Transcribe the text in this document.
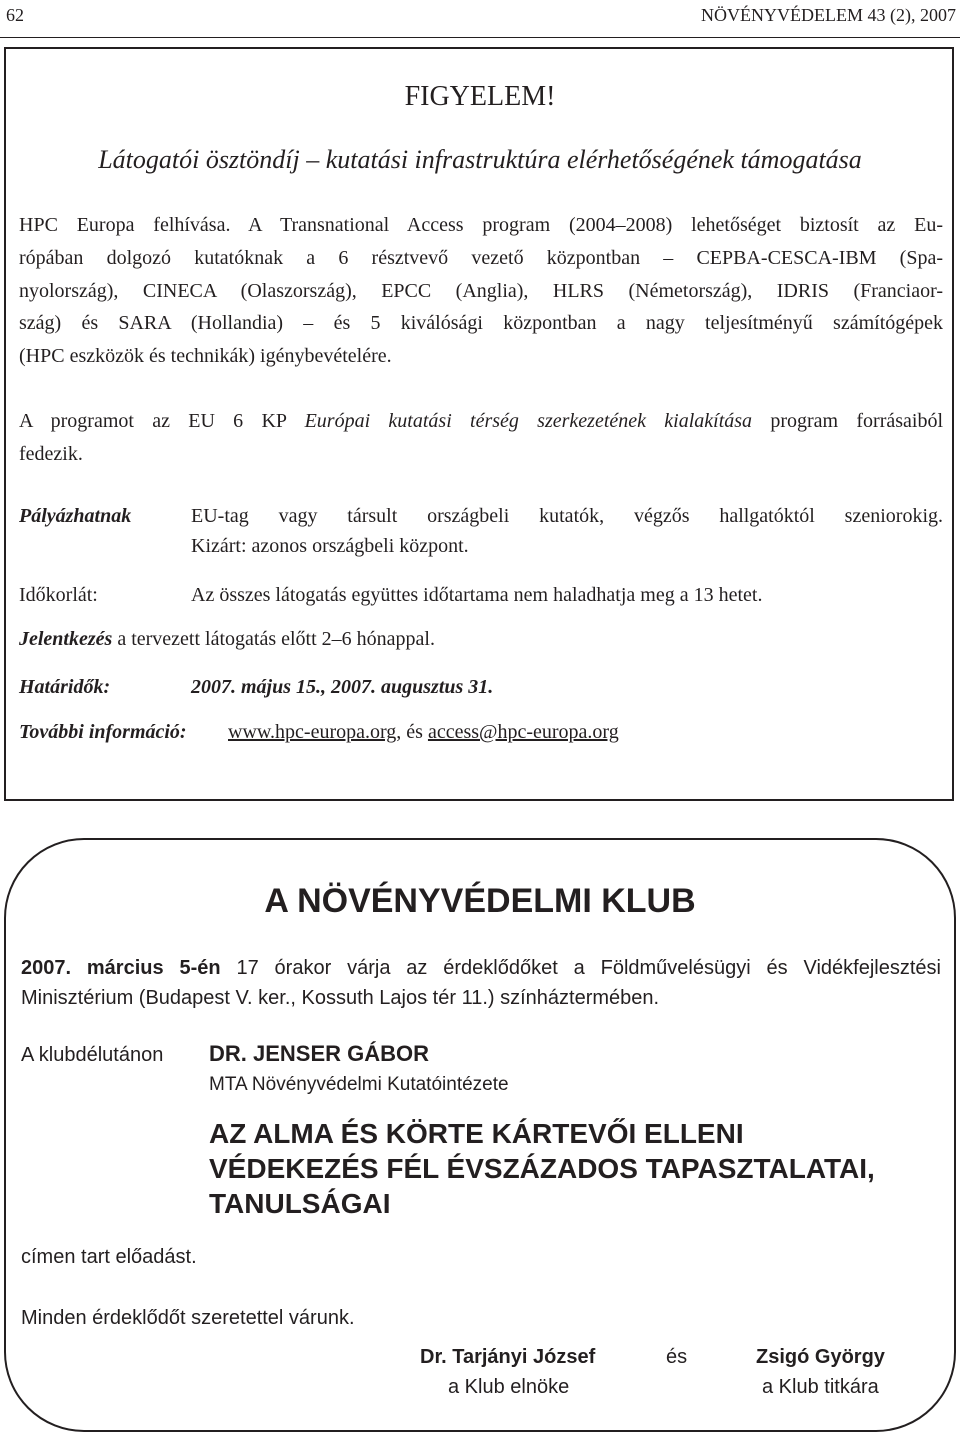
62	NÖVÉNYVÉDELEM 43 (2), 2007
FIGYELEM!
Látogatói ösztöndíj – kutatási infrastruktúra elérhetőségének támogatása
HPC Europa felhívása. A Transnational Access program (2004–2008) lehetőséget biztosít az Eu-
rópában dolgozó kutatóknak a 6 résztvevő vezető központban – CEPBA-CESCA-IBM (Spa-
nyolország), CINECA (Olaszország), EPCC (Anglia), HLRS (Németország), IDRIS (Franciaor-
szág) és SARA (Hollandia) – és 5 kiválósági központban a nagy teljesítményű számítógépek
(HPC eszközök és technikák) igénybevételére.
A programot az EU 6 KP Európai kutatási térség szerkezetének kialakítása program forrásaiból
fedezik.
Pályázhatnak	EU-tag vagy társult országbeli kutatók, végzős hallgatóktól szeniorokig.
Kizárt: azonos országbeli központ.
Időkorlát:	Az összes látogatás együttes időtartama nem haladhatja meg a 13 hetet.
Jelentkezés a tervezett látogatás előtt 2–6 hónappal.
Határidők:	2007. május 15., 2007. augusztus 31.
További információ: www.hpc-europa.org, és access@hpc-europa.org
A NÖVÉNYVÉDELMI KLUB
2007. március 5-én 17 órakor várja az érdeklődőket a Földművelésügyi és Vidékfejlesztési
Minisztérium (Budapest V. ker., Kossuth Lajos tér 11.) színháztermében.
A klubdélutánon DR. JENSER GÁBOR
MTA Növényvédelmi Kutatóintézete
AZ ALMA ÉS KÖRTE KÁRTEVŐI ELLENI
VÉDEKEZÉS FÉL ÉVSZÁZADOS TAPASZTALATAI,
TANULSÁGAI
címen tart előadást.
Minden érdeklődőt szeretettel várunk.
Dr. Tarjányi József
a Klub elnöke
és	Zsigó György
a Klub titkára
